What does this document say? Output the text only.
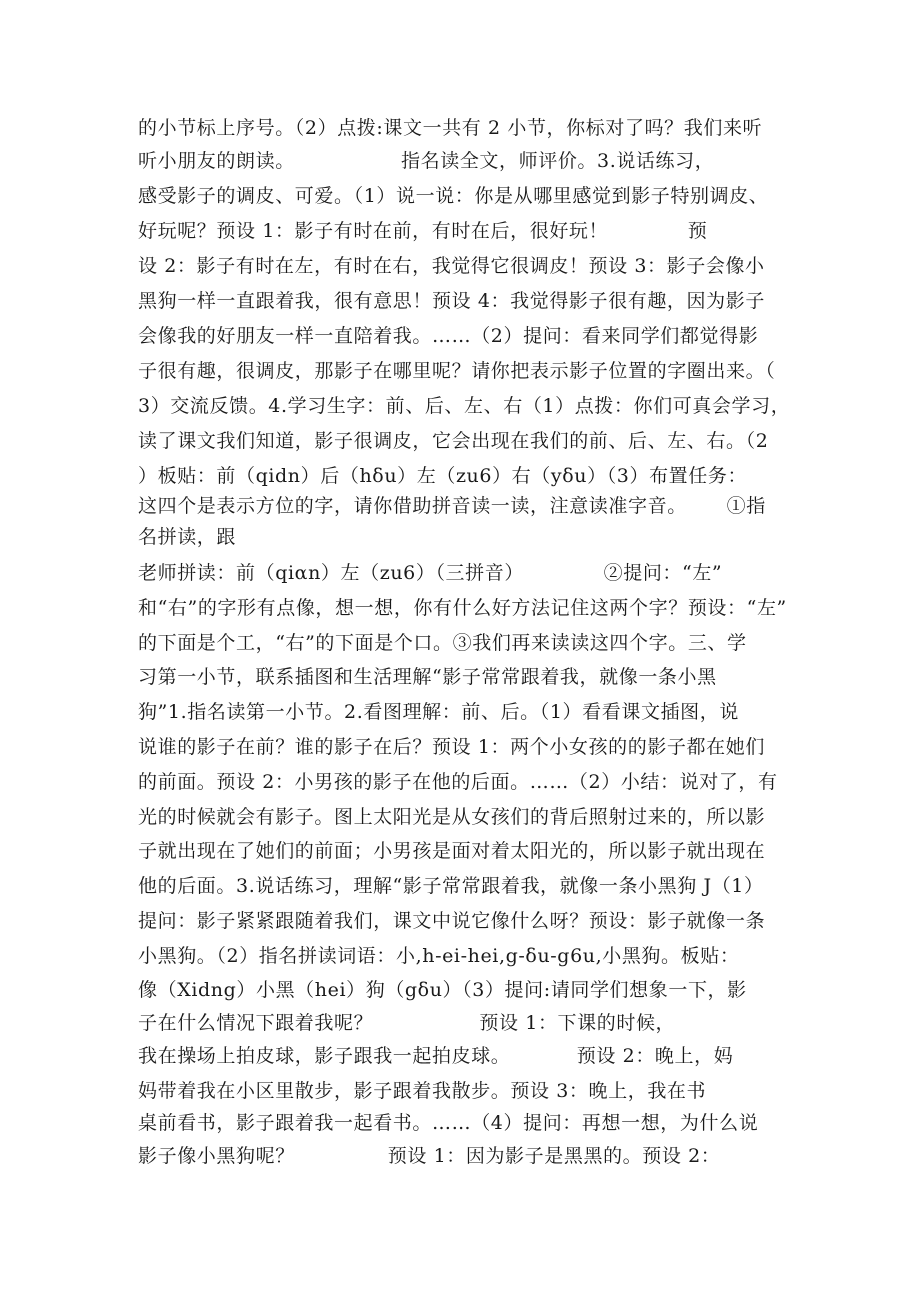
的小节标上序号。（2）点拨:课文一共有 2 小节，你标对了吗？我们来听
听小朋友的朗读。                指名读全文，师评价。3.说话练习，
感受影子的调皮、可爱。（1）说一说：你是从哪里感觉到影子特别调皮、
好玩呢？预设 1：影子有时在前，有时在后，很好玩！            预
设 2：影子有时在左，有时在右，我觉得它很调皮！预设 3：影子会像小
黑狗一样一直跟着我，很有意思！预设 4：我觉得影子很有趣，因为影子
会像我的好朋友一样一直陪着我。……（2）提问：看来同学们都觉得影
子很有趣，很调皮，那影子在哪里呢？请你把表示影子位置的字圈出来。（
3）交流反馈。4.学习生字：前、后、左、右（1）点拨：你们可真会学习，
读了课文我们知道，影子很调皮，它会出现在我们的前、后、左、右。（2
）板贴：前（qidn）后（hδu）左（zu6）右（yδu）（3）布置任务：
这四个是表示方位的字，请你借助拼音读一读，注意读准字音。      ①指
名拼读，跟
老师拼读：前（qiαn）左（zu6）（三拼音）            ②提问：“左”
和“右”的字形有点像，想一想，你有什么好方法记住这两个字？预设：“左”
的下面是个工，“右”的下面是个口。③我们再来读读这四个字。三、学
习第一小节，联系插图和生活理解“影子常常跟着我，就像一条小黑
狗”1.指名读第一小节。2.看图理解：前、后。（1）看看课文插图，说
说谁的影子在前？谁的影子在后？预设 1：两个小女孩的的影子都在她们
的前面。预设 2：小男孩的影子在他的后面。……（2）小结：说对了，有
光的时候就会有影子。图上太阳光是从女孩们的背后照射过来的，所以影
子就出现在了她们的前面；小男孩是面对着太阳光的，所以影子就出现在
他的后面。3.说话练习，理解“影子常常跟着我，就像一条小黑狗 J（1）
提问：影子紧紧跟随着我们，课文中说它像什么呀？预设：影子就像一条
小黑狗。（2）指名拼读词语：小,h-ei-hei,g-δu-g6u,小黑狗。板贴：
像（Xidng）小黑（hei）狗（gδu）（3）提问:请同学们想象一下，影
子在什么情况下跟着我呢？                预设 1：下课的时候，
我在操场上拍皮球，影子跟我一起拍皮球。          预设 2：晚上，妈
妈带着我在小区里散步，影子跟着我散步。预设 3：晚上，我在书
桌前看书，影子跟着我一起看书。……（4）提问：再想一想，为什么说
影子像小黑狗呢？              预设 1：因为影子是黑黑的。预设 2：
